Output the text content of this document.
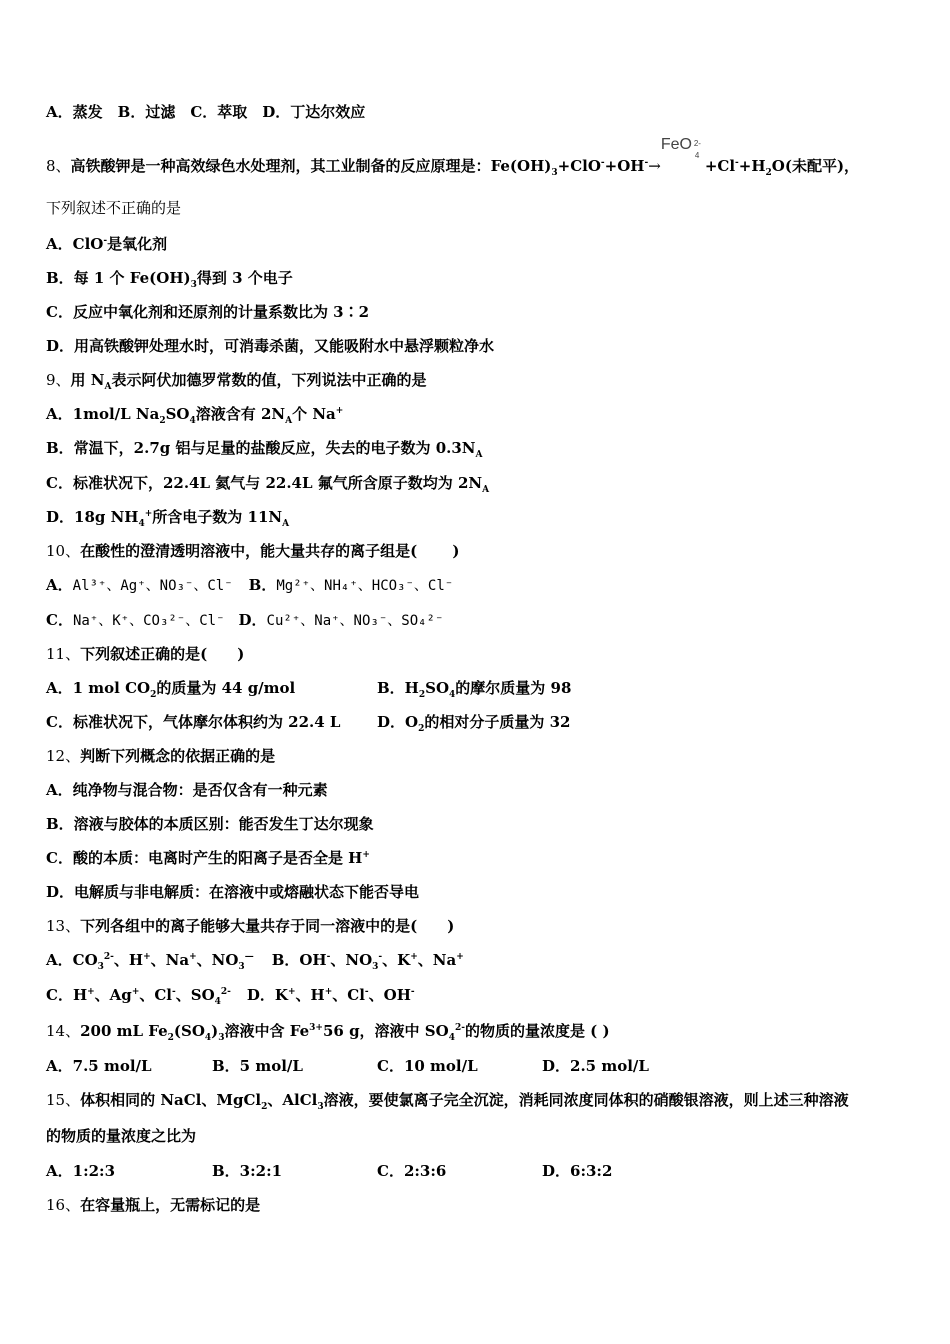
A．蒸发　B．过滤　C．萃取　D．丁达尔效应
8、高铁酸钾是一种高效绿色水处理剂，其工业制备的反应原理是：$Fe(OH)_3+ClO^-+OH^-\to$
FeO 2-
4
$+Cl^-+H_2O$(未配平)，
下列叙述不正确的是
A．ClO-是氧化剂
B．每 1 个 $Fe(OH)_3$得到 3 个电子
C．反应中氧化剂和还原剂的计量系数比为 3∶2
D．用高铁酸钾处理水时，可消毒杀菌，又能吸附水中悬浮颗粒净水
9、用 $N_A$表示阿伏加德罗常数的值，下列说法中正确的是
A．1mol/L $Na_2SO_4$溶液含有 $2N_A$个 Na+
B．常温下，2.7g 铝与足量的盐酸反应，失去的电子数为 $0.3N_A$
C．标准状况下，22.4L 氦气与 22.4L 氟气所含原子数均为 $2N_A$
D．18g $NH_4^+$所含电子数为 $11N_A$
10、在酸性的澄清透明溶液中，能大量共存的离子组是(　　 )
A．Al³⁺、Ag⁺、NO₃⁻、Cl⁻ B．Mg²⁺、NH₄⁺、HCO₃⁻、Cl⁻
C．Na⁺、K⁺、CO₃²⁻、Cl⁻ D．Cu²⁺、Na⁺、NO₃⁻、SO₄²⁻
11、下列叙述正确的是(　　)
A．1 mol $CO_2$的质量为 44 g/mol	B．$H_2SO_4$的摩尔质量为 98
C．标准状况下，气体摩尔体积约为 22.4 L D．$O_2$的相对分子质量为 32
12、判断下列概念的依据正确的是
A．纯净物与混合物：是否仅含有一种元素
B．溶液与胶体的本质区别：能否发生丁达尔现象
C．酸的本质：电离时产生的阳离子是否全是 H+
D．电解质与非电解质：在溶液中或熔融状态下能否导电
13、下列各组中的离子能够大量共存于同一溶液中的是(　　)
A．$CO_3^{2-}$、H+、Na+、$NO_3^—$ B．OH-、$NO_3^-$、K+、Na+
C．H+、Ag+、Cl-、$SO_4^{2-}$ D．K+、H+、Cl-、OH-
14、200 mL $Fe_2(SO_4)_3$溶液中含 $Fe^{3+}56$ g，溶液中 $SO_4^{2-}$的物质的量浓度是 ( )
A．7.5 mol/L	B．5 mol/L	C．10 mol/L	D．2.5 mol/L
15、体积相同的 NaCl、MgCl$_2$、AlCl$_3$溶液，要使氯离子完全沉淀，消耗同浓度同体积的硝酸银溶液，则上述三种溶液
的物质的量浓度之比为
A．1:2:3	B．3:2:1	C．2:3:6	D．6:3:2
16、在容量瓶上，无需标记的是
